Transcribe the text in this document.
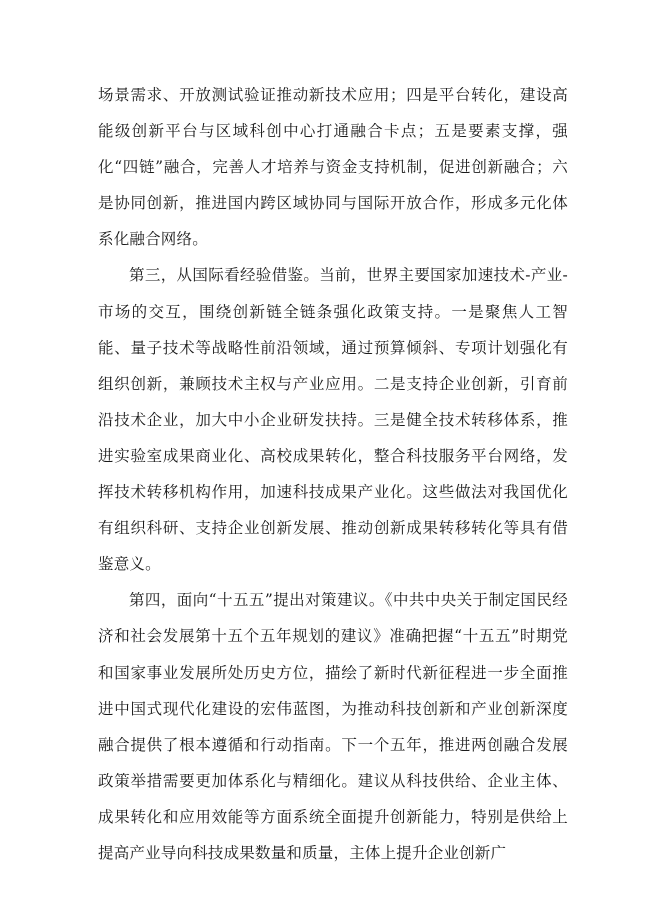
场景需求、开放测试验证推动新技术应用；四是平台转化，建设高能级创新平台与区域科创中心打通融合卡点；五是要素支撑，强化“四链”融合，完善人才培养与资金支持机制，促进创新融合；六是协同创新，推进国内跨区域协同与国际开放合作，形成多元化体系化融合网络。

第三，从国际看经验借鉴。当前，世界主要国家加速技术-产业-市场的交互，围绕创新链全链条强化政策支持。一是聚焦人工智能、量子技术等战略性前沿领域，通过预算倾斜、专项计划强化有组织创新，兼顾技术主权与产业应用。二是支持企业创新，引育前沿技术企业，加大中小企业研发扶持。三是健全技术转移体系，推进实验室成果商业化、高校成果转化，整合科技服务平台网络，发挥技术转移机构作用，加速科技成果产业化。这些做法对我国优化有组织科研、支持企业创新发展、推动创新成果转移转化等具有借鉴意义。

第四，面向“十五五”提出对策建议。《中共中央关于制定国民经济和社会发展第十五个五年规划的建议》准确把握“十五五”时期党和国家事业发展所处历史方位，描绘了新时代新征程进一步全面推进中国式现代化建设的宏伟蓝图，为推动科技创新和产业创新深度融合提供了根本遵循和行动指南。下一个五年，推进两创融合发展政策举措需要更加体系化与精细化。建议从科技供给、企业主体、成果转化和应用效能等方面系统全面提升创新能力，特别是供给上提高产业导向科技成果数量和质量，主体上提升企业创新广
